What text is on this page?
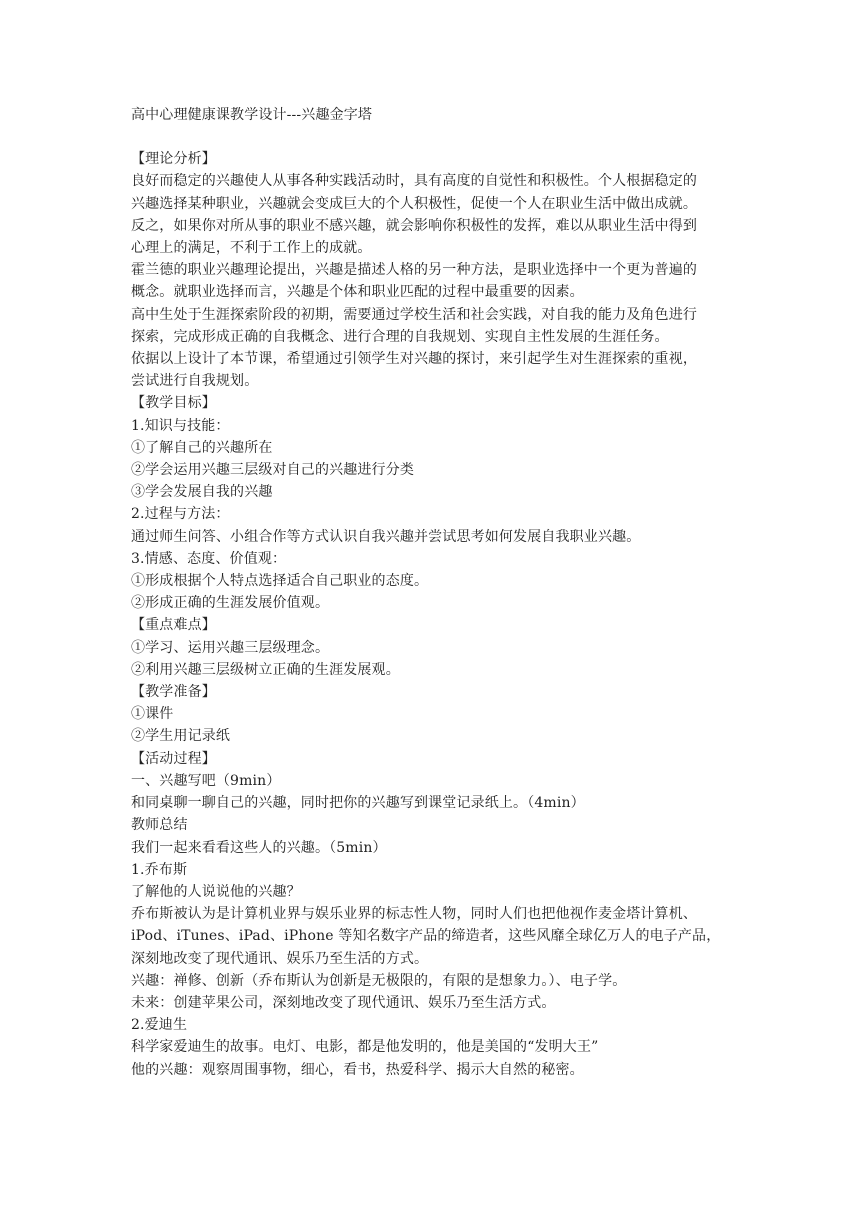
高中心理健康课教学设计---兴趣金字塔
【理论分析】
良好而稳定的兴趣使人从事各种实践活动时，具有高度的自觉性和积极性。个人根据稳定的
兴趣选择某种职业，兴趣就会变成巨大的个人积极性，促使一个人在职业生活中做出成就。
反之，如果你对所从事的职业不感兴趣，就会影响你积极性的发挥，难以从职业生活中得到
心理上的满足，不利于工作上的成就。
霍兰德的职业兴趣理论提出，兴趣是描述人格的另一种方法，是职业选择中一个更为普遍的
概念。就职业选择而言，兴趣是个体和职业匹配的过程中最重要的因素。
高中生处于生涯探索阶段的初期，需要通过学校生活和社会实践，对自我的能力及角色进行
探索，完成形成正确的自我概念、进行合理的自我规划、实现自主性发展的生涯任务。
依据以上设计了本节课，希望通过引领学生对兴趣的探讨，来引起学生对生涯探索的重视，
尝试进行自我规划。
【教学目标】
1.知识与技能：
①了解自己的兴趣所在
②学会运用兴趣三层级对自己的兴趣进行分类
③学会发展自我的兴趣
2.过程与方法：
通过师生问答、小组合作等方式认识自我兴趣并尝试思考如何发展自我职业兴趣。
3.情感、态度、价值观：
①形成根据个人特点选择适合自己职业的态度。
②形成正确的生涯发展价值观。
【重点难点】
①学习、运用兴趣三层级理念。
②利用兴趣三层级树立正确的生涯发展观。
【教学准备】
①课件
②学生用记录纸
【活动过程】
一、兴趣写吧（9min）
和同桌聊一聊自己的兴趣，同时把你的兴趣写到课堂记录纸上。（4min）
教师总结
我们一起来看看这些人的兴趣。（5min）
1.乔布斯
了解他的人说说他的兴趣？
乔布斯被认为是计算机业界与娱乐业界的标志性人物，同时人们也把他视作麦金塔计算机、
iPod、iTunes、iPad、iPhone 等知名数字产品的缔造者，这些风靡全球亿万人的电子产品，
深刻地改变了现代通讯、娱乐乃至生活的方式。
兴趣：禅修、创新（乔布斯认为创新是无极限的，有限的是想象力。）、电子学。
未来：创建苹果公司，深刻地改变了现代通讯、娱乐乃至生活方式。
2.爱迪生
科学家爱迪生的故事。电灯、电影，都是他发明的，他是美国的“发明大王”
他的兴趣：观察周围事物，细心，看书，热爱科学、揭示大自然的秘密。
